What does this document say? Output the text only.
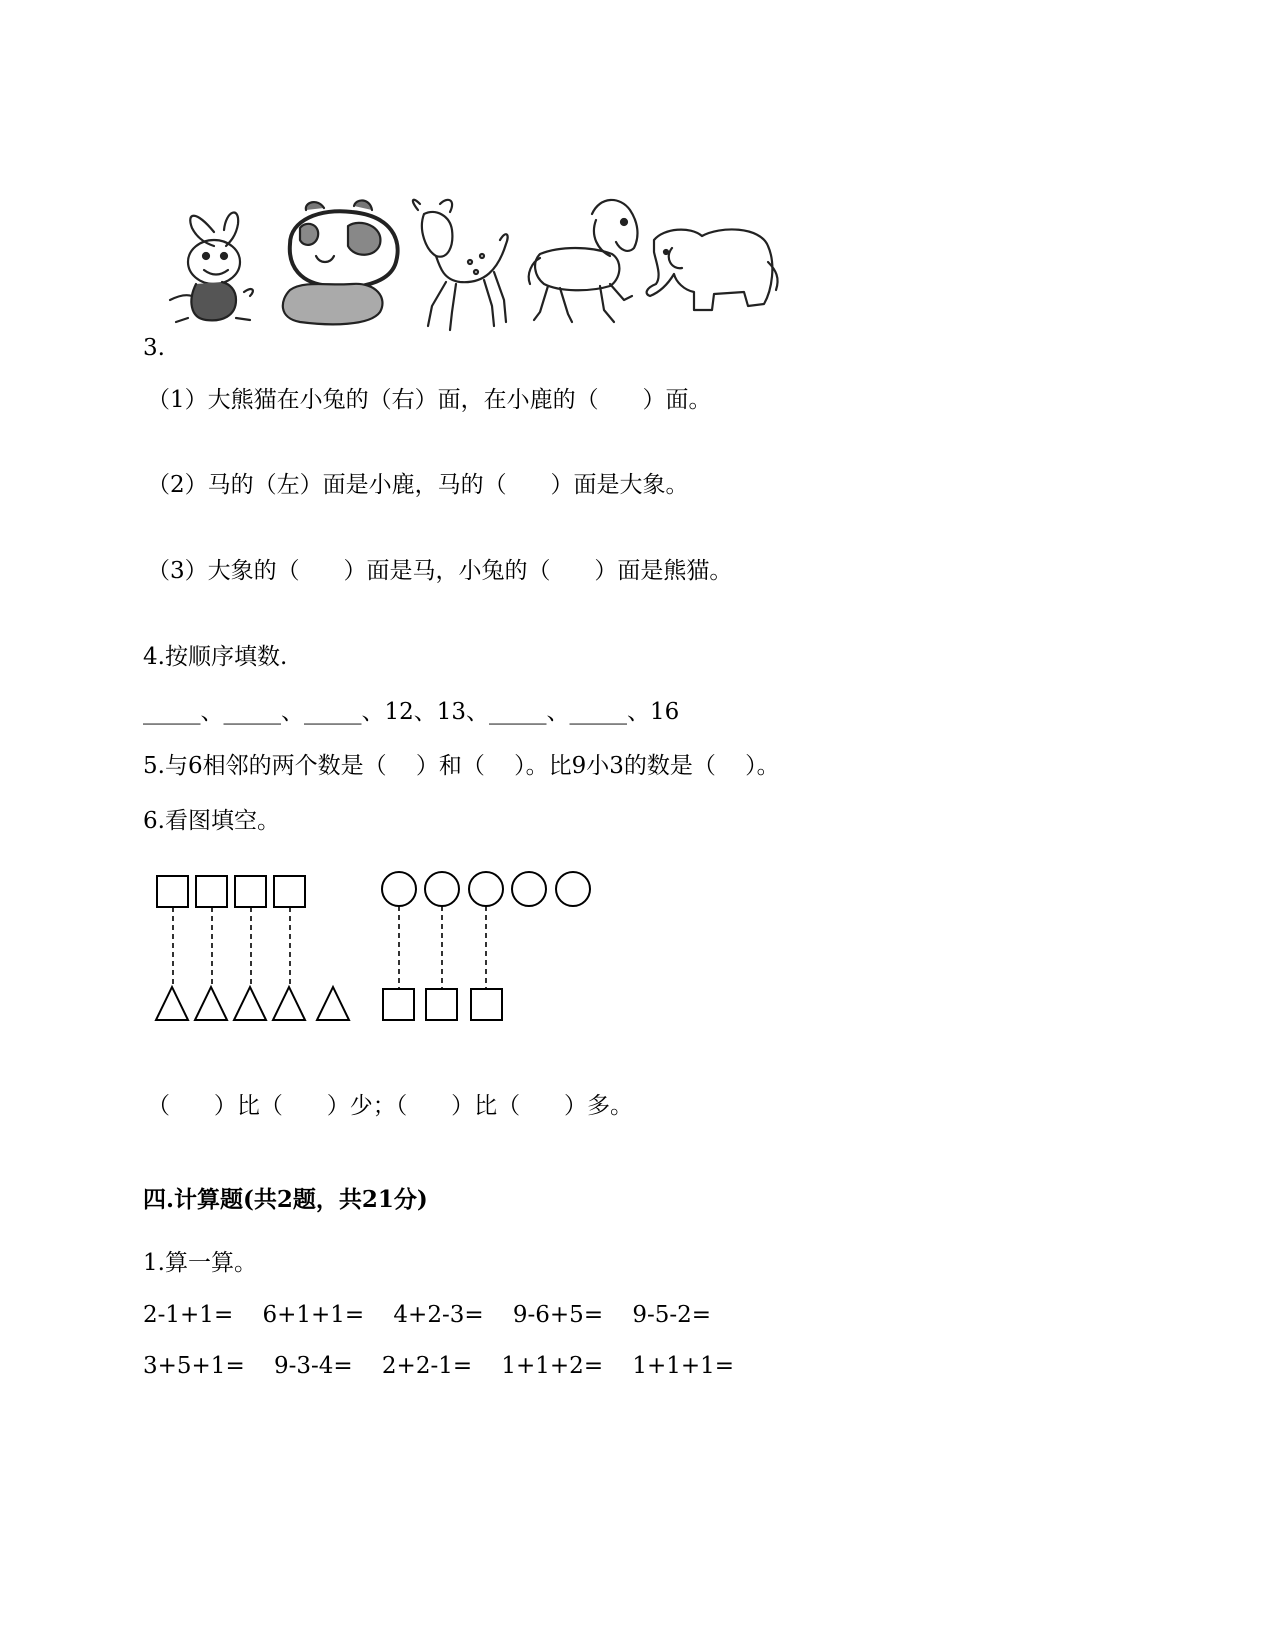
3.
（1）大熊猫在小兔的（右）面，在小鹿的（      ）面。
（2）马的（左）面是小鹿，马的（      ）面是大象。
（3）大象的（      ）面是马，小兔的（      ）面是熊猫。
4.按顺序填数.
_____、_____、_____、12、13、_____、_____、16
5.与6相邻的两个数是（    ）和（    ）。比9小3的数是（    ）。
6.看图填空。
（      ）比（      ）少；（      ）比（      ）多。
四.计算题(共2题，共21分)
1.算一算。
2-1+1=    6+1+1=    4+2-3=    9-6+5=    9-5-2=
3+5+1=    9-3-4=    2+2-1=    1+1+2=    1+1+1=
